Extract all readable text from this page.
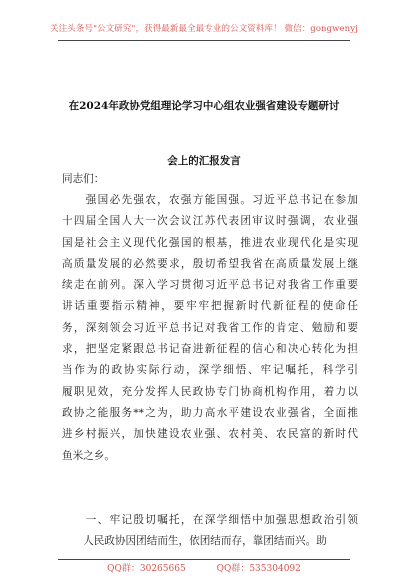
关注头条号"公文研究"，获得最新最全最专业的公文资料库！ 微信：gongwenyj
在2024年政协党组理论学习中心组农业强省建设专题研讨
会上的汇报发言
同志们：
　　强国必先强农，农强方能国强。习近平总书记在参加
十四届全国人大一次会议江苏代表团审议时强调，农业强
国是社会主义现代化强国的根基，推进农业现代化是实现
高质量发展的必然要求，殷切希望我省在高质量发展上继
续走在前列。深入学习贯彻习近平总书记对我省工作重要
讲话重要指示精神，要牢牢把握新时代新征程的使命任
务，深刻领会习近平总书记对我省工作的肯定、勉励和要
求，把坚定紧跟总书记奋进新征程的信心和决心转化为担
当作为的政协实际行动，深学细悟、牢记嘱托，科学引
履职见效，充分发挥人民政协专门协商机构作用，着力以
政协之能服务**之为，助力高水平建设农业强省，全面推
进乡村振兴，加快建设农业强、农村美、农民富的新时代
鱼米之乡。
　　一、牢记殷切嘱托，在深学细悟中加强思想政治引领
　　人民政协因团结而生，依团结而存，靠团结而兴。助
QQ群：30265665	QQ群：535304092
